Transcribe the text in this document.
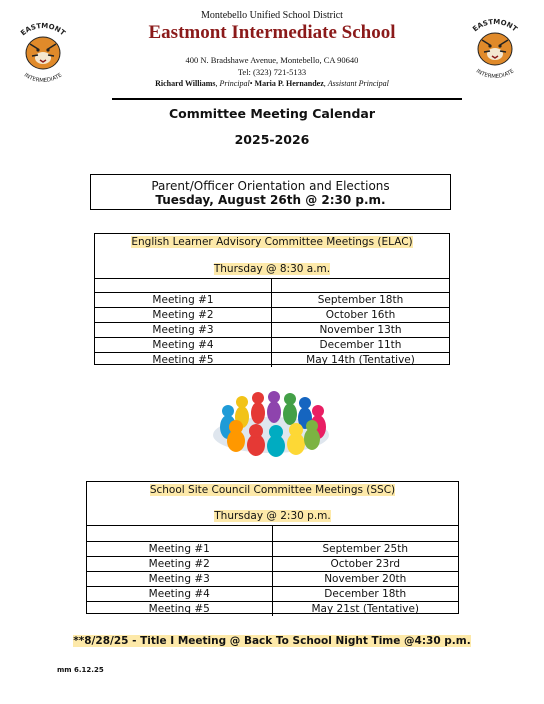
EASTMONT
INTERMEDIATE
EASTMONT
INTERMEDIATE
Montebello Unified School District
Eastmont Intermediate School
400 N. Bradshawe Avenue, Montebello, CA 90640
Tel: (323) 721-5133
Richard Williams, Principal• Maria P. Hernandez, Assistant Principal
Committee Meeting Calendar
2025-2026
Parent/Officer Orientation and Elections
Tuesday, August 26th @ 2:30 p.m.
English Learner Advisory Committee Meetings (ELAC)
Thursday @ 8:30 a.m.
Meeting #1	September 18th
Meeting #2	October 16th
Meeting #3	November 13th
Meeting #4	December 11th
Meeting #5	May 14th (Tentative)
School Site Council Committee Meetings (SSC)
Thursday @ 2:30 p.m.
Meeting #1	September 25th
Meeting #2	October 23rd
Meeting #3	November 20th
Meeting #4	December 18th
Meeting #5	May 21st (Tentative)
**8/28/25 - Title I Meeting @ Back To School Night Time @4:30 p.m.
mm 6.12.25
